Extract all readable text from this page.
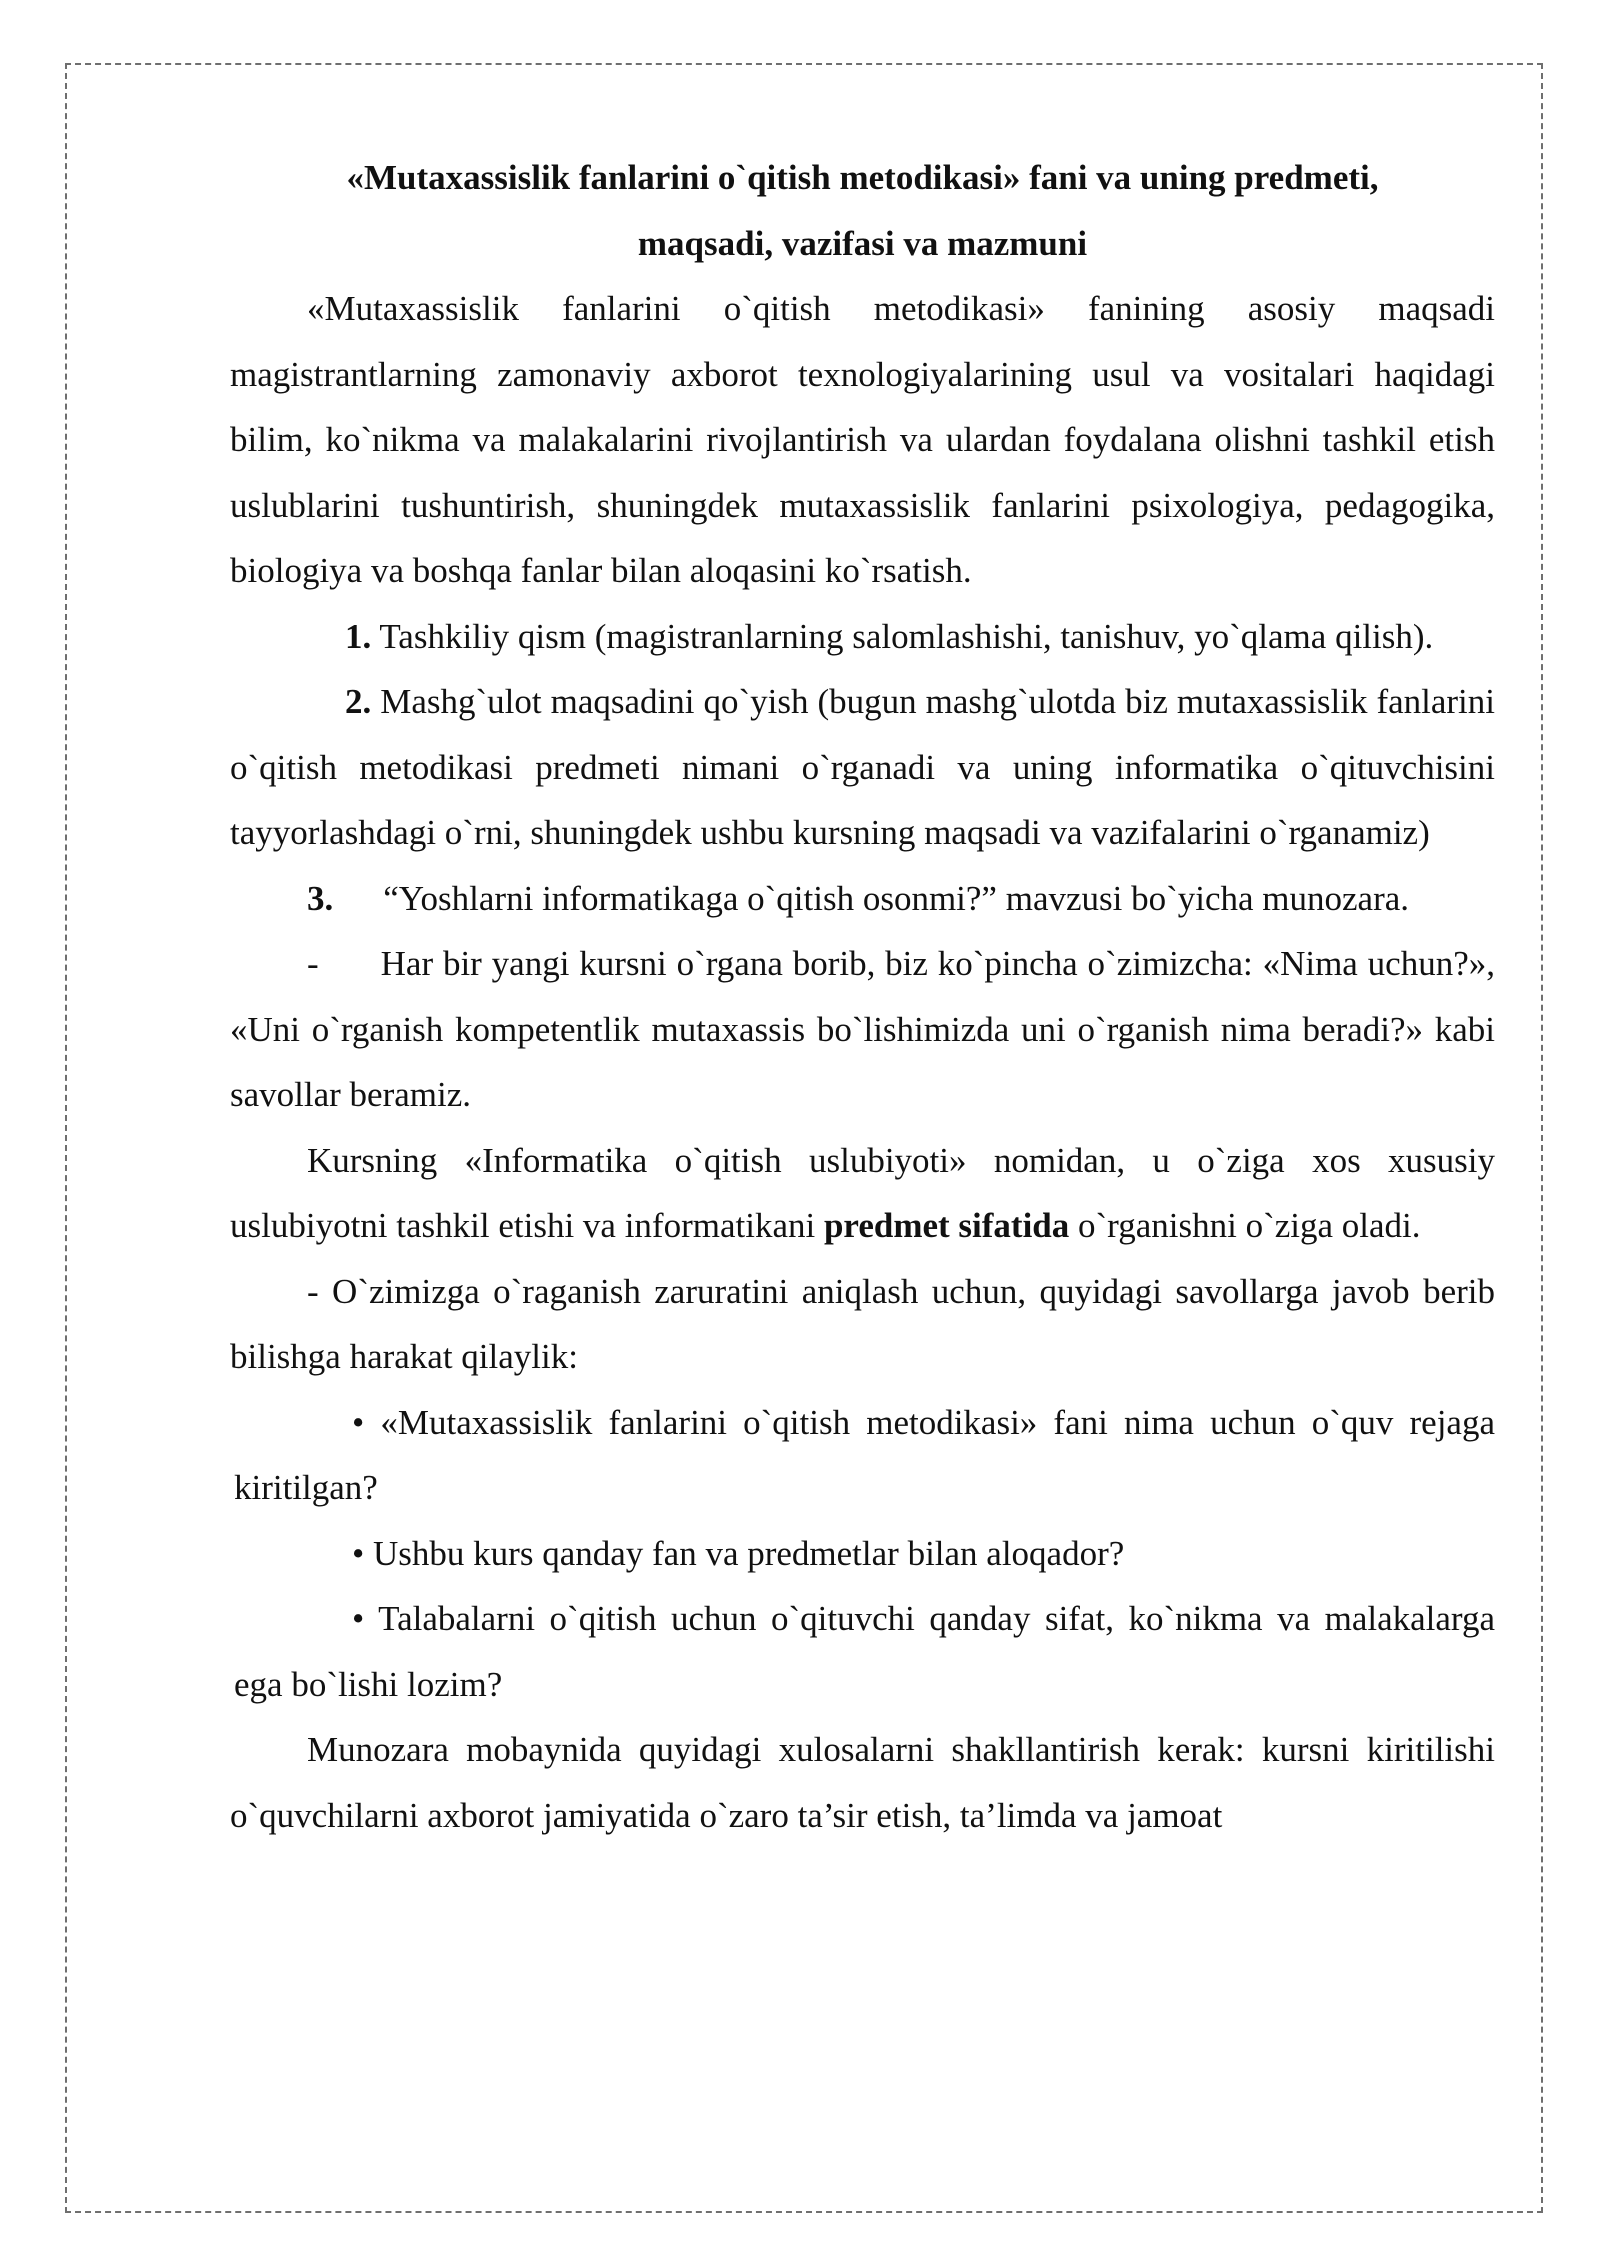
«Mutaxassislik fanlarini o`qitish metodikasi» fani va uning predmeti,

maqsadi, vazifasi va mazmuni

«Mutaxassislik fanlarini o`qitish metodikasi» fanining asosiy maqsadi magistrantlarning zamonaviy axborot texnologiyalarining usul va vositalari haqidagi bilim, ko`nikma va malakalarini rivojlantirish va ulardan foydalana olishni tashkil etish uslublarini tushuntirish, shuningdek mutaxassislik fanlarini psixologiya, pedagogika, biologiya va boshqa fanlar bilan aloqasini ko`rsatish.

1. Tashkiliy qism (magistranlarning salomlashishi, tanishuv, yo`qlama qilish).

2. Mashg`ulot maqsadini qo`yish (bugun mashg`ulotda biz mutaxassislik fanlarini o`qitish metodikasi predmeti nimani o`rganadi va uning informatika o`qituvchisini tayyorlashdagi o`rni, shuningdek ushbu kursning maqsadi va vazifalarini o`rganamiz)

3. “Yoshlarni informatikaga o`qitish osonmi?” mavzusi bo`yicha munozara.

- Har bir yangi kursni o`rgana borib, biz ko`pincha o`zimizcha: «Nima uchun?», «Uni o`rganish kompetentlik mutaxassis bo`lishimizda uni o`rganish nima beradi?» kabi savollar beramiz.

Kursning «Informatika o`qitish uslubiyoti» nomidan, u o`ziga xos xususiy uslubiyotni tashkil etishi va informatikani predmet sifatida o`rganishni o`ziga oladi.

- O`zimizga o`raganish zaruratini aniqlash uchun, quyidagi savollarga javob berib bilishga harakat qilaylik:

• «Mutaxassislik fanlarini o`qitish metodikasi» fani nima uchun o`quv rejaga kiritilgan?

• Ushbu kurs qanday fan va predmetlar bilan aloqador?

• Talabalarni o`qitish uchun o`qituvchi qanday sifat, ko`nikma va malakalarga ega bo`lishi lozim?

Munozara mobaynida quyidagi xulosalarni shakllantirish kerak: kursni kiritilishi o`quvchilarni axborot jamiyatida o`zaro ta’sir etish, ta’limda va jamoat
